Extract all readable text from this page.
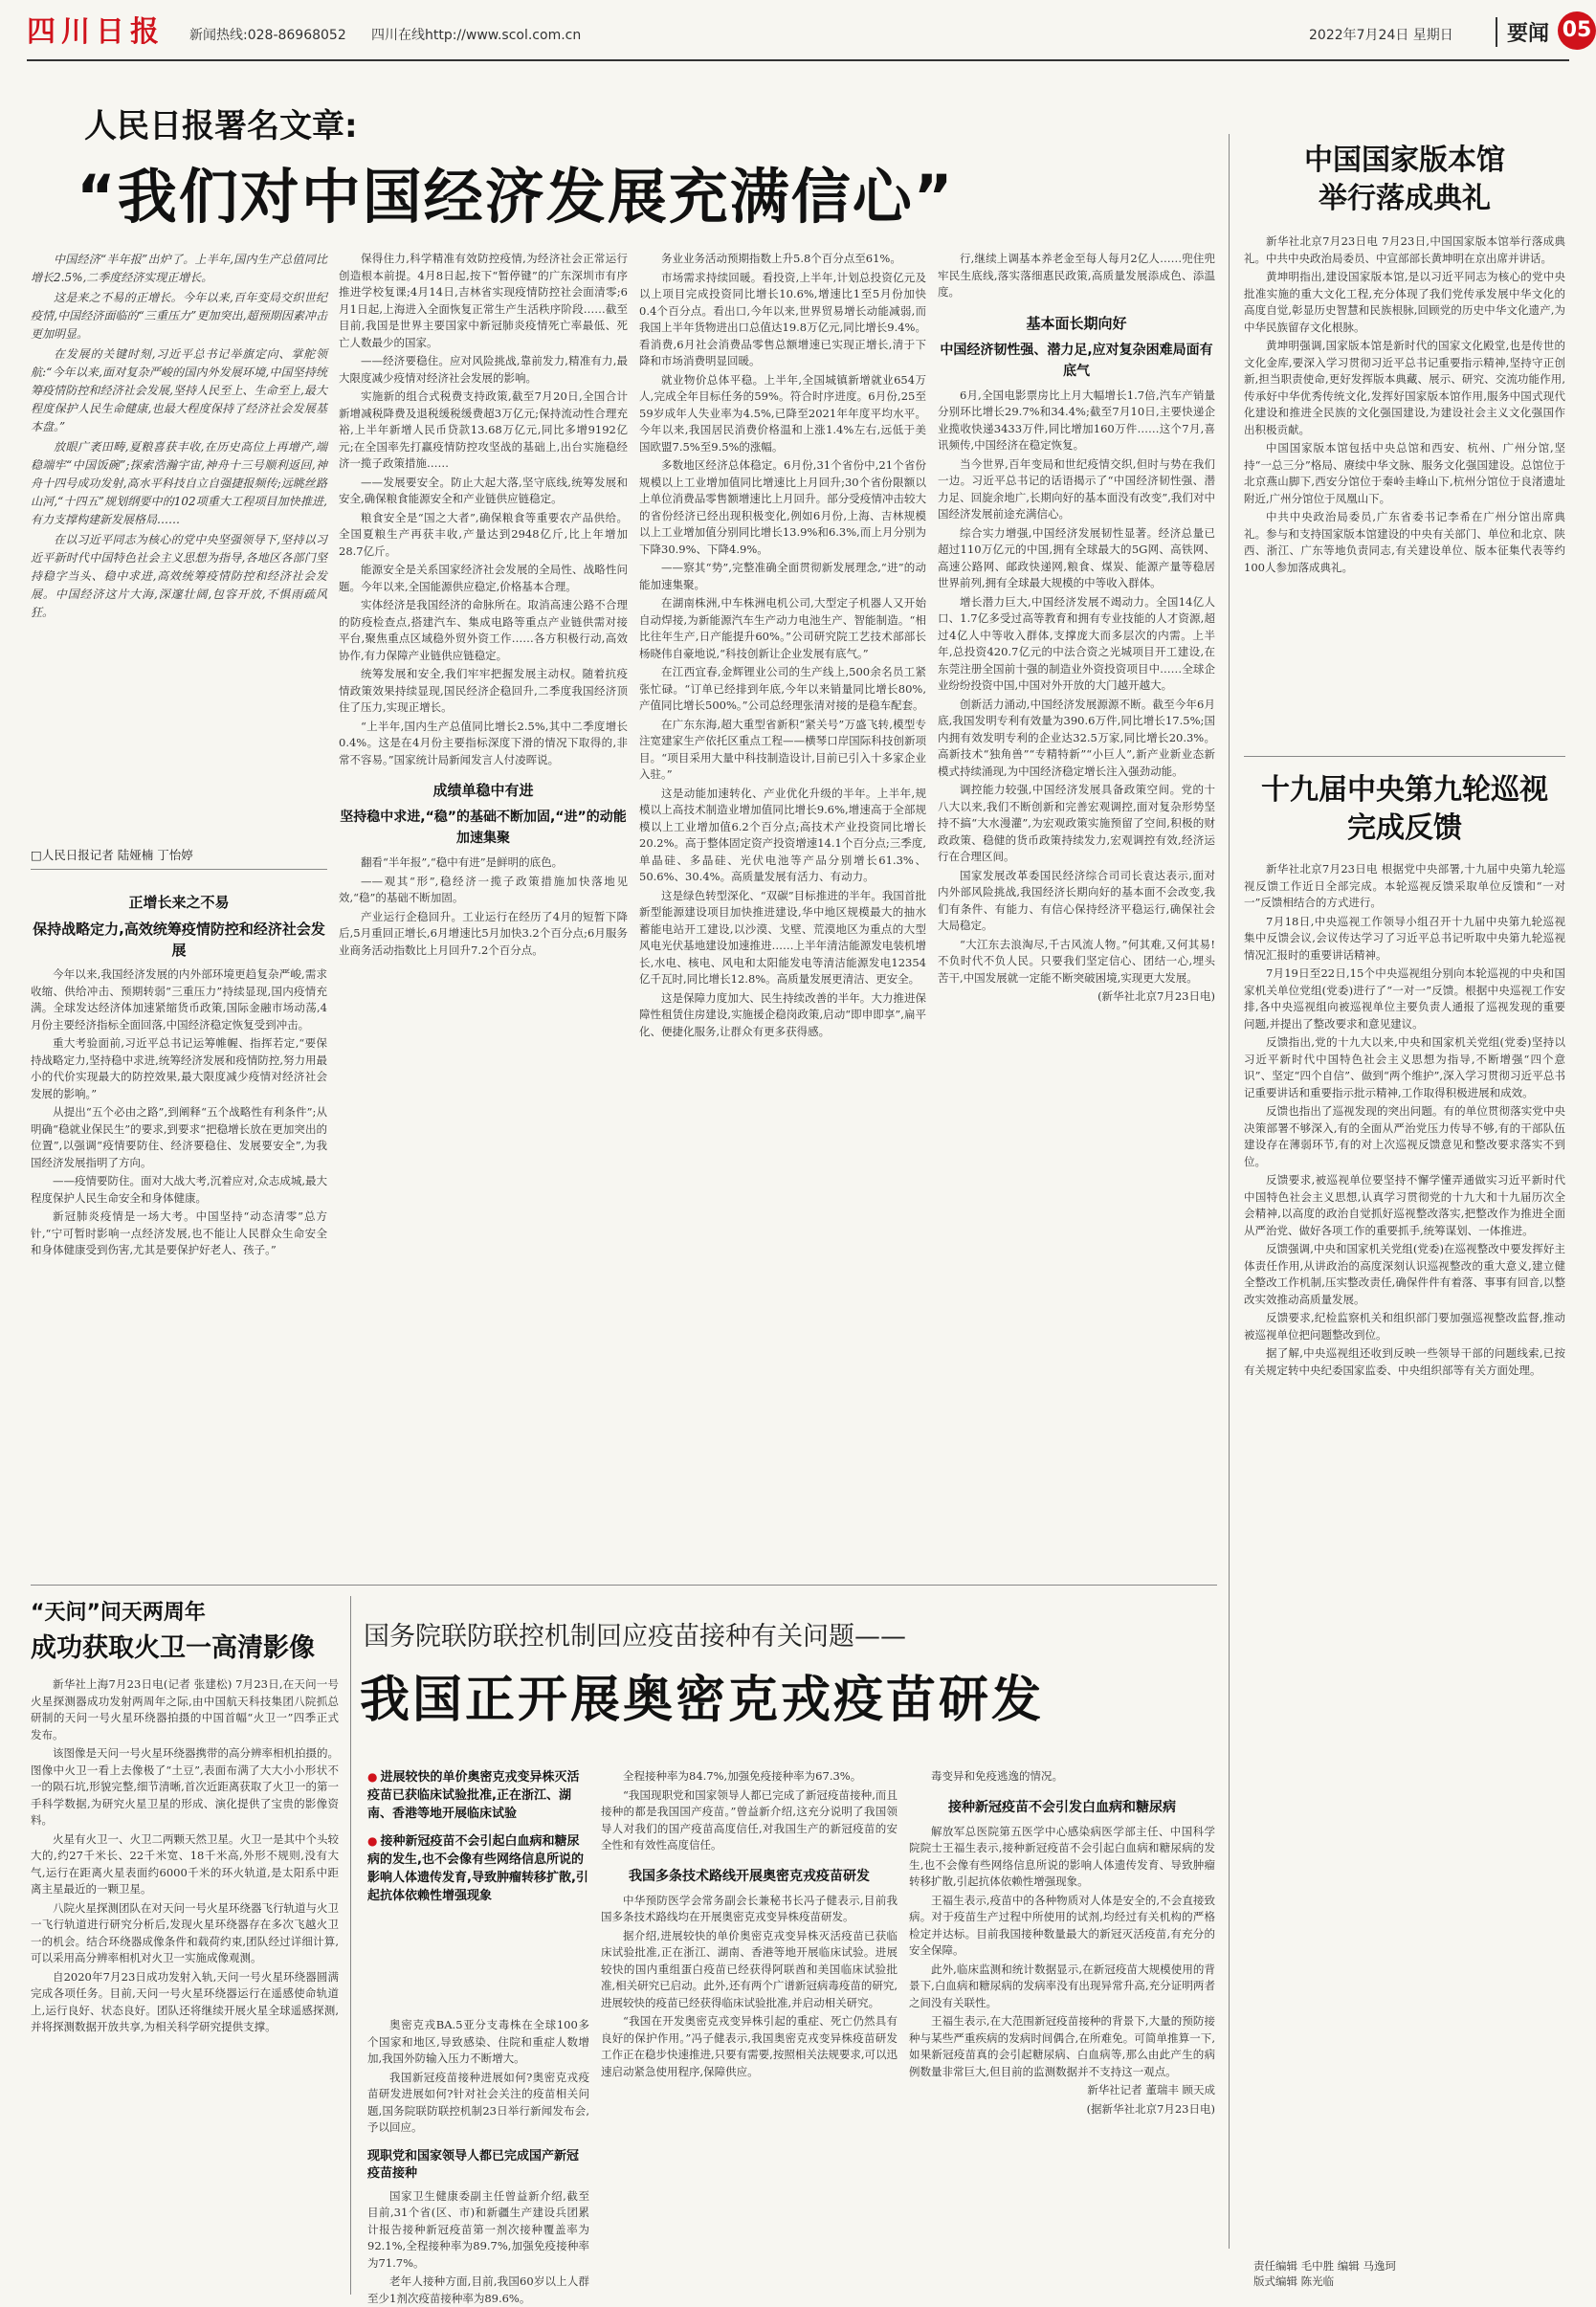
四川日报 新闻热线:028-86968052 四川在线http://www.scol.com.cn	2022年7月24日 星期日	要闻 05
人民日报署名文章:
“我们对中国经济发展充满信心”

中国经济“半年报”出炉了。上半年,国内生产总值同比增长2.5%,二季度经济实现正增长。

这是来之不易的正增长。今年以来,百年变局交织世纪疫情,中国经济面临的“三重压力”更加突出,超预期因素冲击更加明显。

在发展的关键时刻,习近平总书记举旗定向、掌舵领航:“今年以来,面对复杂严峻的国内外发展环境,中国坚持统筹疫情防控和经济社会发展,坚持人民至上、生命至上,最大程度保护人民生命健康,也最大程度保持了经济社会发展基本盘。”

放眼广袤田畴,夏粮喜获丰收,在历史高位上再增产,端稳端牢“中国饭碗”;探索浩瀚宇宙,神舟十三号顺利返回,神舟十四号成功发射,高水平科技自立自强捷报频传;远眺丝路山河,“十四五”规划纲要中的102项重大工程项目加快推进,有力支撑构建新发展格局……

在以习近平同志为核心的党中央坚强领导下,坚持以习近平新时代中国特色社会主义思想为指导,各地区各部门坚持稳字当头、稳中求进,高效统筹疫情防控和经济社会发展。中国经济这片大海,深邃壮阔,包容开放,不惧雨疏风狂。

□人民日报记者 陆娅楠 丁怡婷
正增长来之不易
保持战略定力,高效统筹疫情防控和经济社会发展

今年以来,我国经济发展的内外部环境更趋复杂严峻,需求收缩、供给冲击、预期转弱“三重压力”持续显现,国内疫情充满。全球发达经济体加速紧缩货币政策,国际金融市场动荡,4月份主要经济指标全面回落,中国经济稳定恢复受到冲击。

重大考验面前,习近平总书记运筹帷幄、指挥若定,“要保持战略定力,坚持稳中求进,统筹经济发展和疫情防控,努力用最小的代价实现最大的防控效果,最大限度减少疫情对经济社会发展的影响。”

从提出“五个必由之路”,到阐释“五个战略性有利条件”;从明确“稳就业保民生”的要求,到要求“把稳增长放在更加突出的位置”,以强调“疫情要防住、经济要稳住、发展要安全”,为我国经济发展指明了方向。

——疫情要防住。面对大战大考,沉着应对,众志成城,最大程度保护人民生命安全和身体健康。

新冠肺炎疫情是一场大考。中国坚持“动态清零”总方针,“宁可暂时影响一点经济发展,也不能让人民群众生命安全和身体健康受到伤害,尤其是要保护好老人、孩子。”

保得住力,科学精准有效防控疫情,为经济社会正常运行创造根本前提。4月8日起,按下“暂停键”的广东深圳市有序推进学校复课;4月14日,吉林省实现疫情防控社会面清零;6月1日起,上海进入全面恢复正常生产生活秩序阶段……截至目前,我国是世界主要国家中新冠肺炎疫情死亡率最低、死亡人数最少的国家。

——经济要稳住。应对风险挑战,靠前发力,精准有力,最大限度减少疫情对经济社会发展的影响。

实施新的组合式税费支持政策,截至7月20日,全国合计新增减税降费及退税缓税缓费超3万亿元;保持流动性合理充裕,上半年新增人民币贷款13.68万亿元,同比多增9192亿元;在全国率先打赢疫情防控攻坚战的基础上,出台实施稳经济一揽子政策措施……

——发展要安全。防止大起大落,坚守底线,统筹发展和安全,确保粮食能源安全和产业链供应链稳定。

粮食安全是“国之大者”,确保粮食等重要农产品供给。全国夏粮生产再获丰收,产量达到2948亿斤,比上年增加28.7亿斤。

能源安全是关系国家经济社会发展的全局性、战略性问题。今年以来,全国能源供应稳定,价格基本合理。

实体经济是我国经济的命脉所在。取消高速公路不合理的防疫检查点,搭建汽车、集成电路等重点产业链供需对接平台,聚焦重点区域稳外贸外资工作……各方积极行动,高效协作,有力保障产业链供应链稳定。

统筹发展和安全,我们牢牢把握发展主动权。随着抗疫情政策效果持续显现,国民经济企稳回升,二季度我国经济顶住了压力,实现正增长。

“上半年,国内生产总值同比增长2.5%,其中二季度增长0.4%。这是在4月份主要指标深度下滑的情况下取得的,非常不容易。”国家统计局新闻发言人付凌晖说。

成绩单稳中有进
坚持稳中求进,“稳”的基础不断加固,“进”的动能加速集聚

翻看“半年报”,“稳中有进”是鲜明的底色。

——观其“形”,稳经济一揽子政策措施加快落地见效,“稳”的基础不断加固。

产业运行企稳回升。工业运行在经历了4月的短暂下降后,5月重回正增长,6月增速比5月加快3.2个百分点;6月服务业商务活动指数比上月回升7.2个百分点。

务业业务活动预期指数上升5.8个百分点至61%。

市场需求持续回暖。看投资,上半年,计划总投资亿元及以上项目完成投资同比增长10.6%,增速比1至5月份加快0.4个百分点。看出口,今年以来,世界贸易增长动能减弱,而我国上半年货物进出口总值达19.8万亿元,同比增长9.4%。看消费,6月社会消费品零售总额增速已实现正增长,清于下降和市场消费明显回暖。

就业物价总体平稳。上半年,全国城镇新增就业654万人,完成全年目标任务的59%。符合时序进度。6月份,25至59岁成年人失业率为4.5%,已降至2021年年度平均水平。今年以来,我国居民消费价格温和上涨1.4%左右,远低于美国欧盟7.5%至9.5%的涨幅。

多数地区经济总体稳定。6月份,31个省份中,21个省份规模以上工业增加值同比增速比上月回升;30个省份限额以上单位消费品零售额增速比上月回升。部分受疫情冲击较大的省份经济已经出现积极变化,例如6月份,上海、吉林规模以上工业增加值分别同比增长13.9%和6.3%,而上月分别为下降30.9%、下降4.9%。

——察其“势”,完整准确全面贯彻新发展理念,“进”的动能加速集聚。

在湖南株洲,中车株洲电机公司,大型定子机器人又开始自动焊接,为新能源汽车生产动力电池生产、智能制造。“相比往年生产,日产能提升60%。”公司研究院工艺技术部部长杨晓伟自豪地说,“科技创新让企业发展有底气。”

在江西宜春,金辉锂业公司的生产线上,500余名员工紧张忙碌。“订单已经排到年底,今年以来销量同比增长80%,产值同比增长500%。”公司总经理张清对接的是稳车配套。

在广东东海,超大重型省新积“紧关号”万盛飞转,模型专注宽建家生产依托区重点工程——横琴口岸国际科技创新项目。“项目采用大量中科技制造设计,目前已引入十多家企业入驻。”

这是动能加速转化、产业优化升级的半年。上半年,规模以上高技术制造业增加值同比增长9.6%,增速高于全部规模以上工业增加值6.2个百分点;高技术产业投资同比增长20.2%。高于整体固定资产投资增速14.1个百分点;三季度,单晶硅、多晶硅、光伏电池等产品分别增长61.3%、50.6%、30.4%。高质量发展有活力、有动力。

这是绿色转型深化、“双碳”目标推进的半年。我国首批新型能源建设项目加快推进建设,华中地区规模最大的抽水蓄能电站开工建设,以沙漠、戈壁、荒漠地区为重点的大型风电光伏基地建设加速推进……上半年清洁能源发电装机增长,水电、核电、风电和太阳能发电等清洁能源发电12354亿千瓦时,同比增长12.8%。高质量发展更清洁、更安全。

这是保障力度加大、民生持续改善的半年。大力推进保障性租赁住房建设,实施援企稳岗政策,启动“即申即享”,扁平化、便捷化服务,让群众有更多获得感。

行,继续上调基本养老金至每人每月2亿人……兜住兜牢民生底线,落实落细惠民政策,高质量发展添成色、添温度。

基本面长期向好
中国经济韧性强、潜力足,应对复杂困难局面有底气

6月,全国电影票房比上月大幅增长1.7倍,汽车产销量分别环比增长29.7%和34.4%;截至7月10日,主要快递企业揽收快递3433万件,同比增加160万件……这个7月,喜讯频传,中国经济在稳定恢复。

当今世界,百年变局和世纪疫情交织,但时与势在我们一边。习近平总书记的话语揭示了“中国经济韧性强、潜力足、回旋余地广,长期向好的基本面没有改变”,我们对中国经济发展前途充满信心。

综合实力增强,中国经济发展韧性显著。经济总量已超过110万亿元的中国,拥有全球最大的5G网、高铁网、高速公路网、邮政快递网,粮食、煤炭、能源产量等稳居世界前列,拥有全球最大规模的中等收入群体。

增长潜力巨大,中国经济发展不竭动力。全国14亿人口、1.7亿多受过高等教育和拥有专业技能的人才资源,超过4亿人中等收入群体,支撑庞大而多层次的内需。上半年,总投资420.7亿元的中法合资之光城项目开工建设,在东莞注册全国前十强的制造业外资投资项目中……全球企业纷纷投资中国,中国对外开放的大门越开越大。

创新活力涌动,中国经济发展源源不断。截至今年6月底,我国发明专利有效量为390.6万件,同比增长17.5%;国内拥有效发明专利的企业达32.5万家,同比增长20.3%。高新技术“独角兽”“专精特新”“小巨人”,新产业新业态新模式持续涌现,为中国经济稳定增长注入强劲动能。

调控能力较强,中国经济发展具备政策空间。党的十八大以来,我们不断创新和完善宏观调控,面对复杂形势坚持不搞“大水漫灌”,为宏观政策实施预留了空间,积极的财政政策、稳健的货币政策持续发力,宏观调控有效,经济运行在合理区间。

国家发展改革委国民经济综合司司长袁达表示,面对内外部风险挑战,我国经济长期向好的基本面不会改变,我们有条件、有能力、有信心保持经济平稳运行,确保社会大局稳定。

“大江东去浪淘尽,千古风流人物。”何其难,又何其易!不负时代不负人民。只要我们坚定信心、团结一心,埋头苦干,中国发展就一定能不断突破困境,实现更大发展。

(新华社北京7月23日电)

中国国家版本馆
举行落成典礼

新华社北京7月23日电 7月23日,中国国家版本馆举行落成典礼。中共中央政治局委员、中宣部部长黄坤明在京出席并讲话。

黄坤明指出,建设国家版本馆,是以习近平同志为核心的党中央批准实施的重大文化工程,充分体现了我们党传承发展中华文化的高度自觉,彰显历史智慧和民族根脉,回顾党的历史中华文化遗产,为中华民族留存文化根脉。

黄坤明强调,国家版本馆是新时代的国家文化殿堂,也是传世的文化金库,要深入学习贯彻习近平总书记重要指示精神,坚持守正创新,担当职责使命,更好发挥版本典藏、展示、研究、交流功能作用,传承好中华优秀传统文化,发挥好国家版本馆作用,服务中国式现代化建设和推进全民族的文化强国建设,为建设社会主义文化强国作出积极贡献。

中国国家版本馆包括中央总馆和西安、杭州、广州分馆,坚持“一总三分”格局、赓续中华文脉、服务文化强国建设。总馆位于北京燕山脚下,西安分馆位于秦岭圭峰山下,杭州分馆位于良渚遗址附近,广州分馆位于凤凰山下。

中共中央政治局委员,广东省委书记李希在广州分馆出席典礼。参与和支持国家版本馆建设的中央有关部门、单位和北京、陕西、浙江、广东等地负责同志,有关建设单位、版本征集代表等约100人参加落成典礼。

十九届中央第九轮巡视
完成反馈

新华社北京7月23日电 根据党中央部署,十九届中央第九轮巡视反馈工作近日全部完成。本轮巡视反馈采取单位反馈和“一对一”反馈相结合的方式进行。

7月18日,中央巡视工作领导小组召开十九届中央第九轮巡视集中反馈会议,会议传达学习了习近平总书记听取中央第九轮巡视情况汇报时的重要讲话精神。

7月19日至22日,15个中央巡视组分别向本轮巡视的中央和国家机关单位党组(党委)进行了“一对一”反馈。根据中央巡视工作安排,各中央巡视组向被巡视单位主要负责人通报了巡视发现的重要问题,并提出了整改要求和意见建议。

反馈指出,党的十九大以来,中央和国家机关党组(党委)坚持以习近平新时代中国特色社会主义思想为指导,不断增强“四个意识”、坚定“四个自信”、做到“两个维护”,深入学习贯彻习近平总书记重要讲话和重要指示批示精神,工作取得积极进展和成效。

反馈也指出了巡视发现的突出问题。有的单位贯彻落实党中央决策部署不够深入,有的全面从严治党压力传导不够,有的干部队伍建设存在薄弱环节,有的对上次巡视反馈意见和整改要求落实不到位。

反馈要求,被巡视单位要坚持不懈学懂弄通做实习近平新时代中国特色社会主义思想,认真学习贯彻党的十九大和十九届历次全会精神,以高度的政治自觉抓好巡视整改落实,把整改作为推进全面从严治党、做好各项工作的重要抓手,统筹谋划、一体推进。

反馈强调,中央和国家机关党组(党委)在巡视整改中要发挥好主体责任作用,从讲政治的高度深刻认识巡视整改的重大意义,建立健全整改工作机制,压实整改责任,确保件件有着落、事事有回音,以整改实效推动高质量发展。

反馈要求,纪检监察机关和组织部门要加强巡视整改监督,推动被巡视单位把问题整改到位。

据了解,中央巡视组还收到反映一些领导干部的问题线索,已按有关规定转中央纪委国家监委、中央组织部等有关方面处理。

“天问”问天两周年
成功获取火卫一高清影像

新华社上海7月23日电(记者 张建松) 7月23日,在天问一号火星探测器成功发射两周年之际,由中国航天科技集团八院抓总研制的天问一号火星环绕器拍摄的中国首幅“火卫一”四季正式发布。

该图像是天问一号火星环绕器携带的高分辨率相机拍摄的。图像中火卫一看上去像极了“土豆”,表面布满了大大小小形状不一的陨石坑,形貌完整,细节清晰,首次近距离获取了火卫一的第一手科学数据,为研究火星卫星的形成、演化提供了宝贵的影像资料。

火星有火卫一、火卫二两颗天然卫星。火卫一是其中个头较大的,约27千米长、22千米宽、18千米高,外形不规则,没有大气,运行在距离火星表面约6000千米的环火轨道,是太阳系中距离主星最近的一颗卫星。

八院火星探测团队在对天问一号火星环绕器飞行轨道与火卫一飞行轨道进行研究分析后,发现火星环绕器存在多次飞越火卫一的机会。结合环绕器成像条件和载荷约束,团队经过详细计算,可以采用高分辨率相机对火卫一实施成像观测。

自2020年7月23日成功发射入轨,天问一号火星环绕器圆满完成各项任务。目前,天问一号火星环绕器运行在遥感使命轨道上,运行良好、状态良好。团队还将继续开展火星全球遥感探测,并将探测数据开放共享,为相关科学研究提供支撑。

国务院联防联控机制回应疫苗接种有关问题——
我国正开展奥密克戎疫苗研发
● 进展较快的单价奥密克戎变异株灭活疫苗已获临床试验批准,正在浙江、湖南、香港等地开展临床试验
● 接种新冠疫苗不会引起白血病和糖尿病的发生,也不会像有些网络信息所说的影响人体遗传发育,导致肿瘤转移扩散,引起抗体依赖性增强现象

奥密克戎BA.5亚分支毒株在全球100多个国家和地区,导致感染、住院和重症人数增加,我国外防输入压力不断增大。

我国新冠疫苗接种进展如何?奥密克戎疫苗研发进展如何?针对社会关注的疫苗相关问题,国务院联防联控机制23日举行新闻发布会,予以回应。

现职党和国家领导人都已完成国产新冠疫苗接种

国家卫生健康委副主任曾益新介绍,截至目前,31个省(区、市)和新疆生产建设兵团累计报告接种新冠疫苗第一剂次接种覆盖率为92.1%,全程接种率为89.7%,加强免疫接种率为71.7%。

老年人接种方面,目前,我国60岁以上人群至少1剂次疫苗接种率为89.6%。

全程接种率为84.7%,加强免疫接种率为67.3%。

“我国现职党和国家领导人都已完成了新冠疫苗接种,而且接种的都是我国国产疫苗。”曾益新介绍,这充分说明了我国领导人对我们的国产疫苗高度信任,对我国生产的新冠疫苗的安全性和有效性高度信任。

我国多条技术路线开展奥密克戎疫苗研发

中华预防医学会常务副会长兼秘书长冯子健表示,目前我国多条技术路线均在开展奥密克戎变异株疫苗研发。

据介绍,进展较快的单价奥密克戎变异株灭活疫苗已获临床试验批准,正在浙江、湖南、香港等地开展临床试验。进展较快的国内重组蛋白疫苗已经获得阿联酋和美国临床试验批准,相关研究已启动。此外,还有两个广谱新冠病毒疫苗的研究,进展较快的疫苗已经获得临床试验批准,并启动相关研究。

“我国在开发奥密克戎变异株引起的重症、死亡仍然具有良好的保护作用。”冯子健表示,我国奥密克戎变异株疫苗研发工作正在稳步快速推进,只要有需要,按照相关法规要求,可以迅速启动紧急使用程序,保障供应。

毒变异和免疫逃逸的情况。

接种新冠疫苗不会引发白血病和糖尿病

解放军总医院第五医学中心感染病医学部主任、中国科学院院士王福生表示,接种新冠疫苗不会引起白血病和糖尿病的发生,也不会像有些网络信息所说的影响人体遗传发育、导致肿瘤转移扩散,引起抗体依赖性增强现象。

王福生表示,疫苗中的各种物质对人体是安全的,不会直接致病。对于疫苗生产过程中所使用的试剂,均经过有关机构的严格检定并达标。目前我国接种数量最大的新冠灭活疫苗,有充分的安全保障。

此外,临床监测和统计数据显示,在新冠疫苗大规模使用的背景下,白血病和糖尿病的发病率没有出现异常升高,充分证明两者之间没有关联性。

王福生表示,在大范围新冠疫苗接种的背景下,大量的预防接种与某些严重疾病的发病时间偶合,在所难免。可简单推算一下,如果新冠疫苗真的会引起糖尿病、白血病等,那么由此产生的病例数量非常巨大,但目前的监测数据并不支持这一观点。

新华社记者 董瑞丰 顾天成

(据新华社北京7月23日电)

责任编辑 毛中胜 编辑 马逸珂
版式编辑 陈光临
